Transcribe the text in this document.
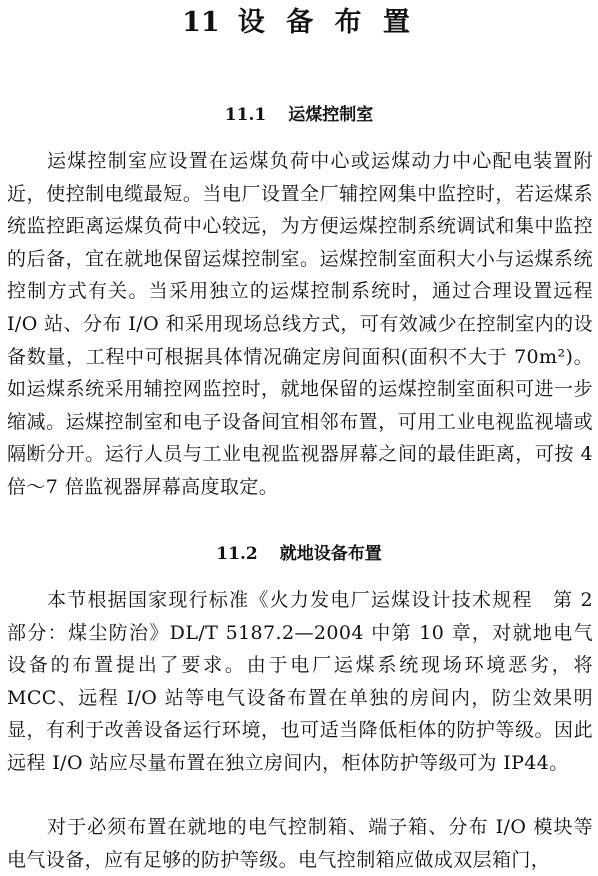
11 设 备 布 置
11.1 运煤控制室

运煤控制室应设置在运煤负荷中心或运煤动力中心配电装置附近，使控制电缆最短。当电厂设置全厂辅控网集中监控时，若运煤系统监控距离运煤负荷中心较远，为方便运煤控制系统调试和集中监控的后备，宜在就地保留运煤控制室。运煤控制室面积大小与运煤系统控制方式有关。当采用独立的运煤控制系统时，通过合理设置远程 I/O 站、分布 I/O 和采用现场总线方式，可有效减少在控制室内的设备数量，工程中可根据具体情况确定房间面积(面积不大于 70m²)。如运煤系统采用辅控网监控时，就地保留的运煤控制室面积可进一步缩减。运煤控制室和电子设备间宜相邻布置，可用工业电视监视墙或隔断分开。运行人员与工业电视监视器屏幕之间的最佳距离，可按 4 倍～7 倍监视器屏幕高度取定。

11.2 就地设备布置

本节根据国家现行标准《火力发电厂运煤设计技术规程　第 2 部分：煤尘防治》DL/T 5187.2—2004 中第 10 章，对就地电气设备的布置提出了要求。由于电厂运煤系统现场环境恶劣，将 MCC、远程 I/O 站等电气设备布置在单独的房间内，防尘效果明显，有利于改善设备运行环境，也可适当降低柜体的防护等级。因此远程 I/O 站应尽量布置在独立房间内，柜体防护等级可为 IP44。

对于必须布置在就地的电气控制箱、端子箱、分布 I/O 模块等电气设备，应有足够的防护等级。电气控制箱应做成双层箱门，
